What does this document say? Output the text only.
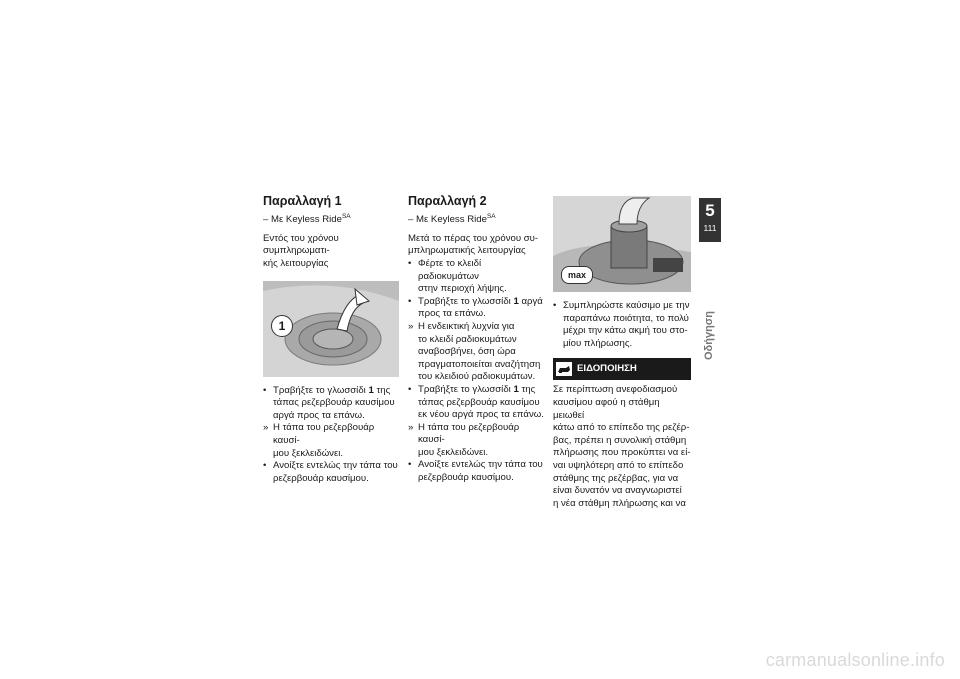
Παραλλαγή 1

– Με Keyless Ride$^{SA}$

Εντός του χρόνου συμπληρωματι-
κής λειτουργίας

1
• Τραβήξτε το γλωσσίδι 1 της
τάπας ρεζερβουάρ καυσίμου
αργά προς τα επάνω.
» Η τάπα του ρεζερβουάρ καυσί-
μου ξεκλειδώνει.
• Ανοίξτε εντελώς την τάπα του
ρεζερβουάρ καυσίμου.
Παραλλαγή 2

– Με Keyless Ride$^{SA}$

Μετά το πέρας του χρόνου συ-
μπληρωματικής λειτουργίας

• Φέρτε το κλειδί ραδιοκυμάτων
στην περιοχή λήψης.
• Τραβήξτε το γλωσσίδι 1 αργά
προς τα επάνω.
» Η ενδεικτική λυχνία για
το κλειδί ραδιοκυμάτων
αναβοσβήνει, όση ώρα
πραγματοποιείται αναζήτηση
του κλειδιού ραδιοκυμάτων.
• Τραβήξτε το γλωσσίδι 1 της
τάπας ρεζερβουάρ καυσίμου
εκ νέου αργά προς τα επάνω.
» Η τάπα του ρεζερβουάρ καυσί-
μου ξεκλειδώνει.
• Ανοίξτε εντελώς την τάπα του
ρεζερβουάρ καυσίμου.
max
• Συμπληρώστε καύσιμο με την
παραπάνω ποιότητα, το πολύ
μέχρι την κάτω ακμή του στο-
μίου πλήρωσης.
ΕΙΔΟΠΟΙΗΣΗ

Σε περίπτωση ανεφοδιασμού
καυσίμου αφού η στάθμη μειωθεί
κάτω από το επίπεδο της ρεζέρ-
βας, πρέπει η συνολική στάθμη
πλήρωσης που προκύπτει να εί-
ναι υψηλότερη από το επίπεδο
στάθμης της ρεζέρβας, για να
είναι δυνατόν να αναγνωριστεί
η νέα στάθμη πλήρωσης και να

5
111
Οδήγηση
carmanualsonline.info
